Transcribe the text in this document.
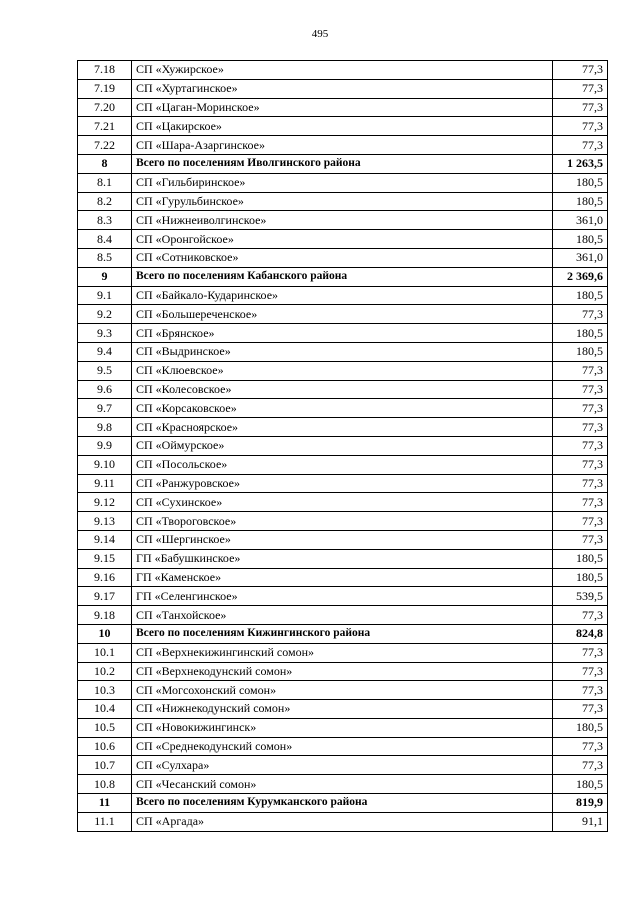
495
7.18	СП «Хужирское»	77,3
7.19	СП «Хуртагинское»	77,3
7.20	СП «Цаган-Моринское»	77,3
7.21	СП «Цакирское»	77,3
7.22	СП «Шара-Азаргинское»	77,3
8	Всего по поселениям Иволгинского района	1 263,5
8.1	СП «Гильбиринское»	180,5
8.2	СП «Гурульбинское»	180,5
8.3	СП «Нижнеиволгинское»	361,0
8.4	СП «Оронгойское»	180,5
8.5	СП «Сотниковское»	361,0
9	Всего по поселениям Кабанского района	2 369,6
9.1	СП «Байкало-Кударинское»	180,5
9.2	СП «Большереченское»	77,3
9.3	СП «Брянское»	180,5
9.4	СП «Выдринское»	180,5
9.5	СП «Клюевское»	77,3
9.6	СП «Колесовское»	77,3
9.7	СП «Корсаковское»	77,3
9.8	СП «Красноярское»	77,3
9.9	СП «Оймурское»	77,3
9.10	СП «Посольское»	77,3
9.11	СП «Ранжуровское»	77,3
9.12	СП «Сухинское»	77,3
9.13	СП «Твороговское»	77,3
9.14	СП «Шергинское»	77,3
9.15	ГП «Бабушкинское»	180,5
9.16	ГП «Каменское»	180,5
9.17	ГП «Селенгинское»	539,5
9.18	СП «Танхойское»	77,3
10	Всего по поселениям Кижингинского района	824,8
10.1	СП «Верхнекижингинский сомон»	77,3
10.2	СП «Верхнекодунский сомон»	77,3
10.3	СП «Могсохонский сомон»	77,3
10.4	СП «Нижнекодунский сомон»	77,3
10.5	СП «Новокижингинск»	180,5
10.6	СП «Среднекодунский сомон»	77,3
10.7	СП «Сулхара»	77,3
10.8	СП «Чесанский сомон»	180,5
11	Всего по поселениям Курумканского района	819,9
11.1	СП «Аргада»	91,1
